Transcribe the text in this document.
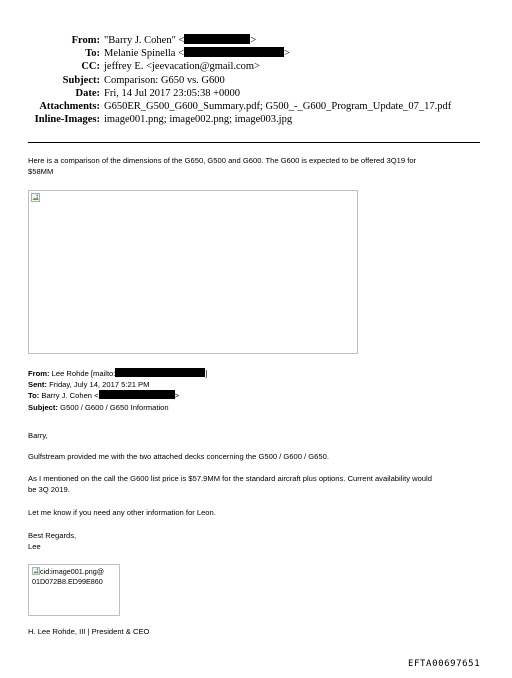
From: "Barry J. Cohen" <	>
To: Melanie Spinella <	>
CC: jeffrey E. <jeevacation@gmail.com>
Subject: Comparison: G650 vs. G600
Date: Fri, 14 Jul 2017 23:05:38 +0000
Attachments: G650ER_G500_G600_Summary.pdf; G500_-_G600_Program_Update_07_17.pdf
Inline-Images: image001.png; image002.png; image003.jpg
Here is a comparison of the dimensions of the G650, G500 and G600. The G600 is expected to be offered 3Q19 for
$58MM
From: Lee Rohde [mailto:	]
Sent: Friday, July 14, 2017 5:21 PM
To: Barry J. Cohen <	>
Subject: G500 / G600 / G650 Information
Barry,
Gulfstream provided me with the two attached decks concerning the G500 / G600 / G650.
As I mentioned on the call the G600 list price is $57.9MM for the standard aircraft plus options. Current availability would
be 3Q 2019.
Let me know if you need any other information for Leon.
Best Regards,
Lee
cid:image001.png@
01D072B8.ED99E860
H. Lee Rohde, III | President & CEO
EFTA00697651
